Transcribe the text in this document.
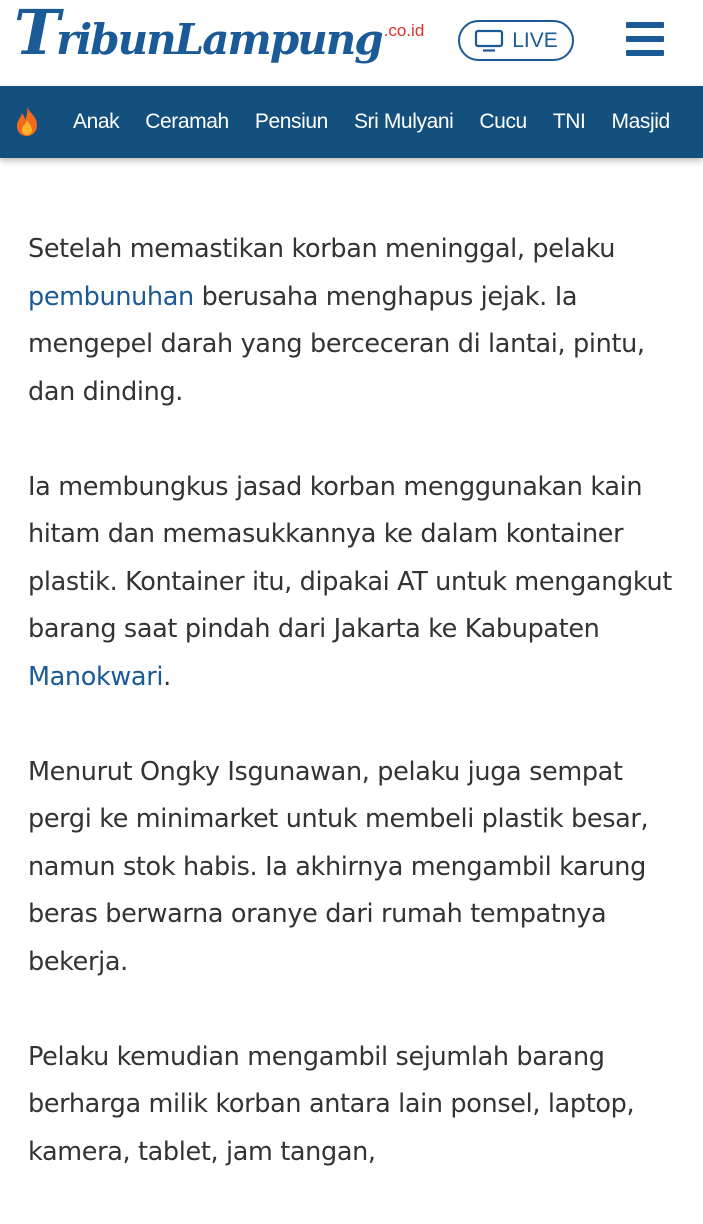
TribunLampung .co.id	LIVE
Anak	Ceramah	Pensiun	Sri Mulyani	Cucu	TNI	Masjid

Setelah memastikan korban meninggal, pelaku
pembunuhan berusaha menghapus jejak. Ia mengepel darah yang berceceran di lantai, pintu, dan dinding.

Ia membungkus jasad korban menggunakan kain hitam dan memasukkannya ke dalam kontainer plastik. Kontainer itu, dipakai AT untuk mengangkut barang saat pindah dari Jakarta ke Kabupaten Manokwari.

Menurut Ongky Isgunawan, pelaku juga sempat pergi ke minimarket untuk membeli plastik besar, namun stok habis. Ia akhirnya mengambil karung beras berwarna oranye dari rumah tempatnya bekerja.

Pelaku kemudian mengambil sejumlah barang berharga milik korban antara lain ponsel, laptop, kamera, tablet, jam tangan,
